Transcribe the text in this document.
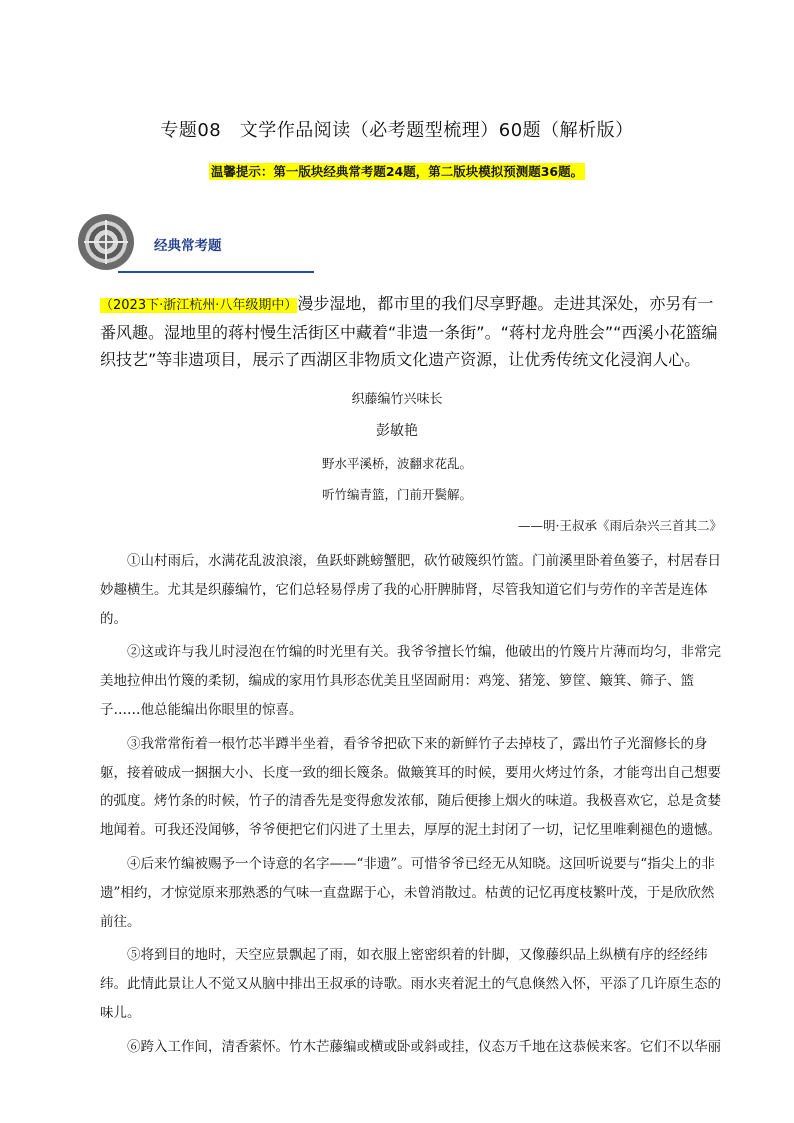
专题08　文学作品阅读（必考题型梳理）60题（解析版）
温馨提示：第一版块经典常考题24题，第二版块模拟预测题36题。
经典常考题
（2023下·浙江杭州·八年级期中）漫步湿地，都市里的我们尽享野趣。走进其深处，亦另有一番风趣。湿地里的蒋村慢生活街区中藏着“非遗一条街”。“蒋村龙舟胜会”“西溪小花篮编织技艺”等非遗项目，展示了西湖区非物质文化遗产资源，让优秀传统文化浸润人心。
织藤编竹兴味长
彭敏艳
野水平溪桥，波翻求花乱。
听竹编青篮，门前开鬓解。
——明·王叔承《雨后杂兴三首其二》

①山村雨后，水满花乱波浪滚，鱼跃虾跳螃蟹肥，砍竹破篾织竹篮。门前溪里卧着鱼篓子，村居春日妙趣横生。尤其是织藤编竹，它们总轻易俘虏了我的心肝脾肺肾，尽管我知道它们与劳作的辛苦是连体的。

②这或许与我儿时浸泡在竹编的时光里有关。我爷爷擅长竹编，他破出的竹篾片片薄而均匀，非常完美地拉伸出竹篾的柔韧，编成的家用竹具形态优美且坚固耐用：鸡笼、猪笼、箩筐、簸箕、筛子、篮子……他总能编出你眼里的惊喜。

③我常常衔着一根竹芯半蹲半坐着，看爷爷把砍下来的新鲜竹子去掉枝了，露出竹子光溜修长的身躯，接着破成一捆捆大小、长度一致的细长篾条。做簸箕耳的时候，要用火烤过竹条，才能弯出自己想要的弧度。烤竹条的时候，竹子的清香先是变得愈发浓郁，随后便掺上烟火的味道。我极喜欢它，总是贪婪地闻着。可我还没闻够，爷爷便把它们闪进了土里去，厚厚的泥土封闭了一切，记忆里唯剩褪色的遗憾。

④后来竹编被赐予一个诗意的名字——“非遗”。可惜爷爷已经无从知晓。这回听说要与“指尖上的非遗”相约，才惊觉原来那熟悉的气味一直盘踞于心，未曾消散过。枯黄的记忆再度枝繁叶茂，于是欣欣然前往。

⑤将到目的地时，天空应景飘起了雨，如衣服上密密织着的针脚，又像藤织品上纵横有序的经经纬纬。此情此景让人不觉又从脑中排出王叔承的诗歌。雨水夹着泥土的气息倏然入怀，平添了几许原生态的味儿。

⑥跨入工作间，清香萦怀。竹木芒藤编或横或卧或斜或挂，仪态万千地在这恭候来客。它们不以华丽
